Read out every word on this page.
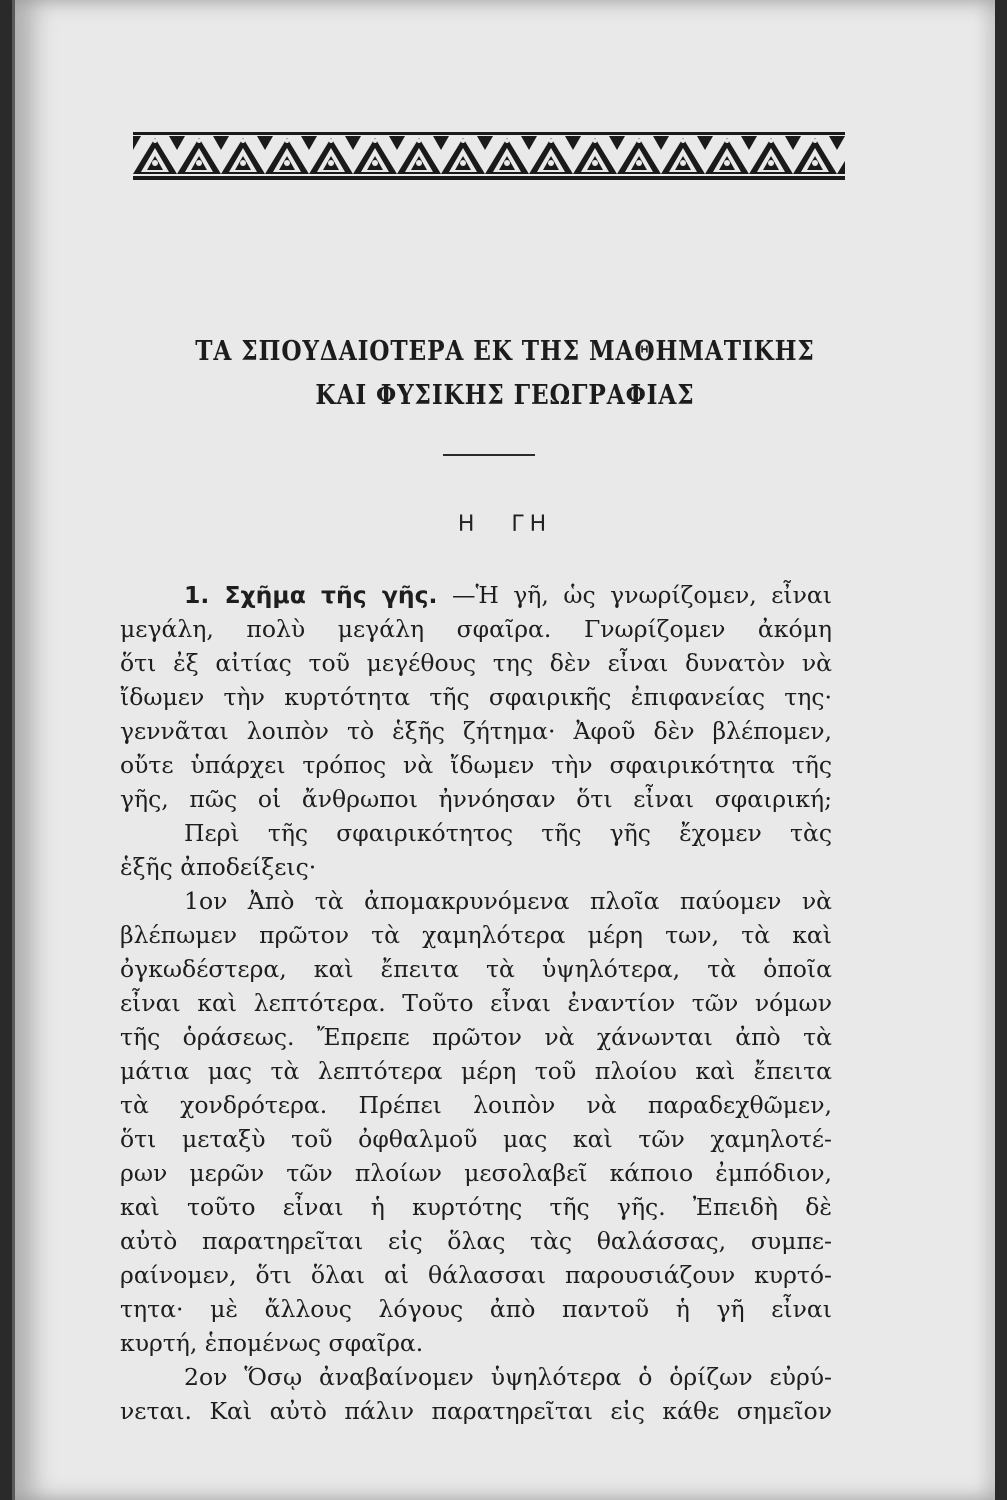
ΤΑ ΣΠΟΥΔΑΙΟΤΕΡΑ ΕΚ ΤΗΣ ΜΑΘΗΜΑΤΙΚΗΣ
ΚΑΙ ΦΥΣΙΚΗΣ ΓΕΩΓΡΑΦΙΑΣ
Η ΓΗ
1. Σχῆμα τῆς γῆς. —Ἡ γῆ, ὡς γνωρίζομεν, εἶναι
μεγάλη, πολὺ μεγάλη σφαῖρα. Γνωρίζομεν ἀκόμη
ὅτι ἐξ αἰτίας τοῦ μεγέθους της δὲν εἶναι δυνατὸν νὰ
ἴδωμεν τὴν κυρτότητα τῆς σφαιρικῆς ἐπιφανείας της·
γεννᾶται λοιπὸν τὸ ἑξῆς ζήτημα· Ἀφοῦ δὲν βλέπομεν,
οὔτε ὑπάρχει τρόπος νὰ ἴδωμεν τὴν σφαιρικότητα τῆς
γῆς, πῶς οἱ ἄνθρωποι ἠννόησαν ὅτι εἶναι σφαιρική;
Περὶ τῆς σφαιρικότητος τῆς γῆς ἔχομεν τὰς
ἑξῆς ἀποδείξεις·
1ον Ἀπὸ τὰ ἀπομακρυνόμενα πλοῖα παύομεν νὰ
βλέπωμεν πρῶτον τὰ χαμηλότερα μέρη των, τὰ καὶ
ὀγκωδέστερα, καὶ ἔπειτα τὰ ὑψηλότερα, τὰ ὁποῖα
εἶναι καὶ λεπτότερα. Τοῦτο εἶναι ἐναντίον τῶν νόμων
τῆς ὁράσεως. Ἔπρεπε πρῶτον νὰ χάνωνται ἀπὸ τὰ
μάτια μας τὰ λεπτότερα μέρη τοῦ πλοίου καὶ ἔπειτα
τὰ χονδρότερα. Πρέπει λοιπὸν νὰ παραδεχθῶμεν,
ὅτι μεταξὺ τοῦ ὀφθαλμοῦ μας καὶ τῶν χαμηλοτέ-
ρων μερῶν τῶν πλοίων μεσολαβεῖ κάποιο ἐμπόδιον,
καὶ τοῦτο εἶναι ἡ κυρτότης τῆς γῆς. Ἐπειδὴ δὲ
αὐτὸ παρατηρεῖται εἰς ὅλας τὰς θαλάσσας, συμπε-
ραίνομεν, ὅτι ὅλαι αἱ θάλασσαι παρουσιάζουν κυρτό-
τητα· μὲ ἄλλους λόγους ἀπὸ παντοῦ ἡ γῆ εἶναι
κυρτή, ἑπομένως σφαῖρα.
2ον Ὅσῳ ἀναβαίνομεν ὑψηλότερα ὁ ὁρίζων εὐρύ-
νεται. Καὶ αὐτὸ πάλιν παρατηρεῖται εἰς κάθε σημεῖον
